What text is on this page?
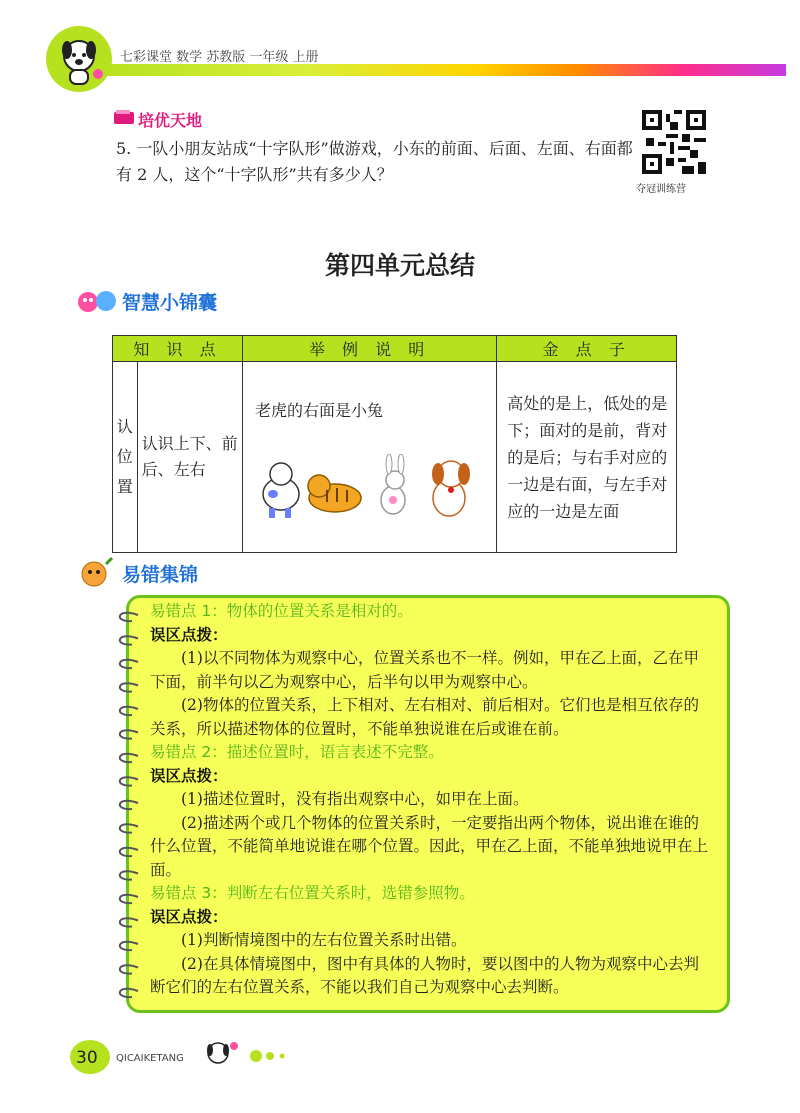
七彩课堂 数学 苏教版 一年级 上册
培优天地
5. 一队小朋友站成“十字队形”做游戏，小东的前面、后面、左面、右面都有 2 人，这个“十字队形”共有多少人？
夺冠训练营
第四单元总结
智慧小锦囊
知 识 点		举 例 说 明	金 点 子
认位置	认识上下、前后、左右	老虎的右面是小兔	高处的是上，低处的是下；面对的是前，背对的是后；与右手对应的一边是右面，与左手对应的一边是左面
易错集锦
易错点 1：物体的位置关系是相对的。
误区点拨：
(1)以不同物体为观察中心，位置关系也不一样。例如，甲在乙上面，乙在甲下面，前半句以乙为观察中心，后半句以甲为观察中心。
(2)物体的位置关系，上下相对、左右相对、前后相对。它们也是相互依存的关系，所以描述物体的位置时，不能单独说谁在后或谁在前。
易错点 2：描述位置时，语言表述不完整。
误区点拨：
(1)描述位置时，没有指出观察中心，如甲在上面。
(2)描述两个或几个物体的位置关系时，一定要指出两个物体，说出谁在谁的什么位置，不能简单地说谁在哪个位置。因此，甲在乙上面，不能单独地说甲在上面。
易错点 3：判断左右位置关系时，选错参照物。
误区点拨：
(1)判断情境图中的左右位置关系时出错。
(2)在具体情境图中，图中有具体的人物时，要以图中的人物为观察中心去判断它们的左右位置关系，不能以我们自己为观察中心去判断。
30 QICAIKETANG
